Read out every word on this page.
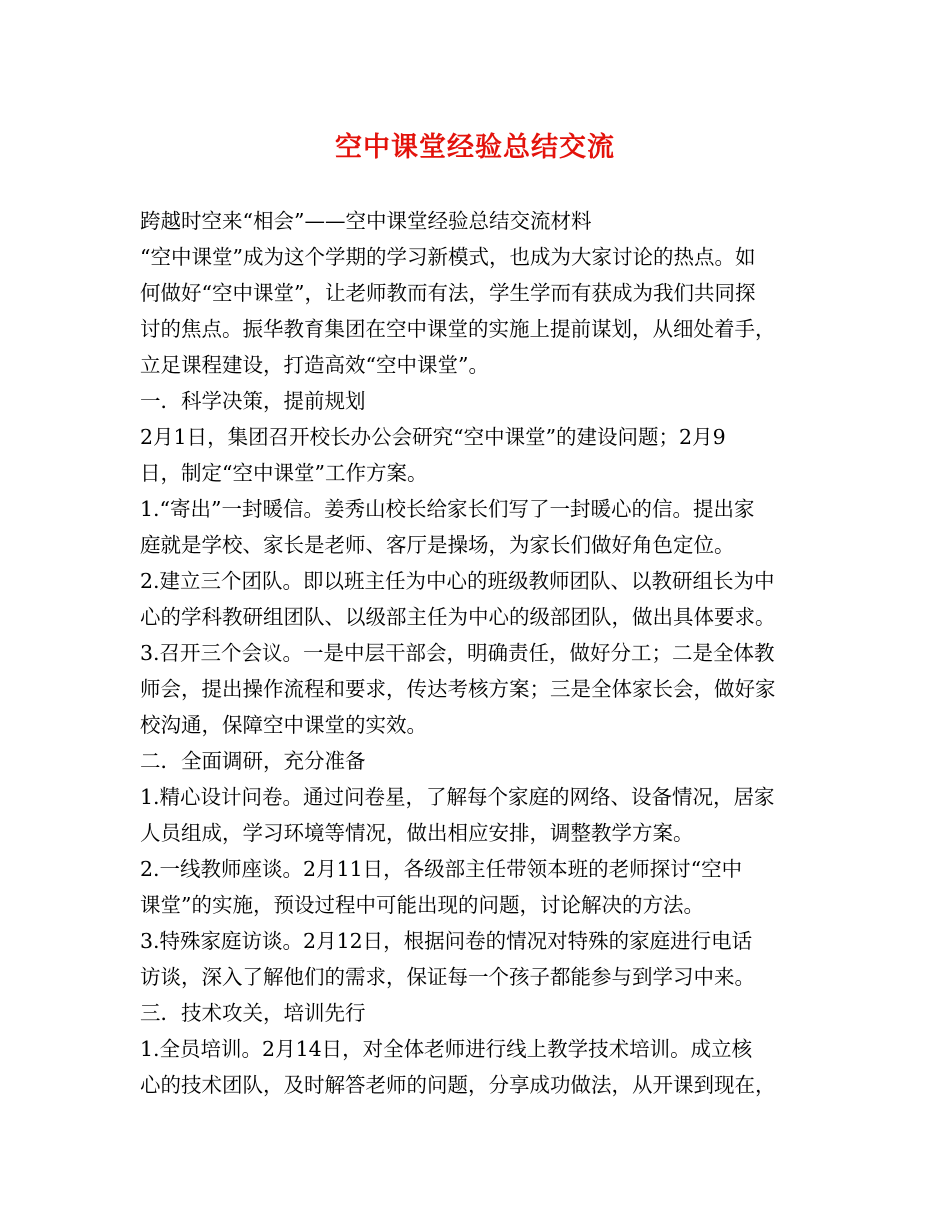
空中课堂经验总结交流
跨越时空来“相会”——空中课堂经验总结交流材料
“空中课堂”成为这个学期的学习新模式，也成为大家讨论的热点。如
何做好“空中课堂”，让老师教而有法，学生学而有获成为我们共同探
讨的焦点。振华教育集团在空中课堂的实施上提前谋划，从细处着手，
立足课程建设，打造高效“空中课堂”。
一．科学决策，提前规划
2月1日，集团召开校长办公会研究“空中课堂”的建设问题；2月9
日，制定“空中课堂”工作方案。
1.“寄出”一封暖信。姜秀山校长给家长们写了一封暖心的信。提出家
庭就是学校、家长是老师、客厅是操场，为家长们做好角色定位。
2.建立三个团队。即以班主任为中心的班级教师团队、以教研组长为中
心的学科教研组团队、以级部主任为中心的级部团队，做出具体要求。
3.召开三个会议。一是中层干部会，明确责任，做好分工；二是全体教
师会，提出操作流程和要求，传达考核方案；三是全体家长会，做好家
校沟通，保障空中课堂的实效。
二．全面调研，充分准备
1.精心设计问卷。通过问卷星，了解每个家庭的网络、设备情况，居家
人员组成，学习环境等情况，做出相应安排，调整教学方案。
2.一线教师座谈。2月11日，各级部主任带领本班的老师探讨“空中
课堂”的实施，预设过程中可能出现的问题，讨论解决的方法。
3.特殊家庭访谈。2月12日，根据问卷的情况对特殊的家庭进行电话
访谈，深入了解他们的需求，保证每一个孩子都能参与到学习中来。
三．技术攻关，培训先行
1.全员培训。2月14日，对全体老师进行线上教学技术培训。成立核
心的技术团队，及时解答老师的问题，分享成功做法，从开课到现在，
